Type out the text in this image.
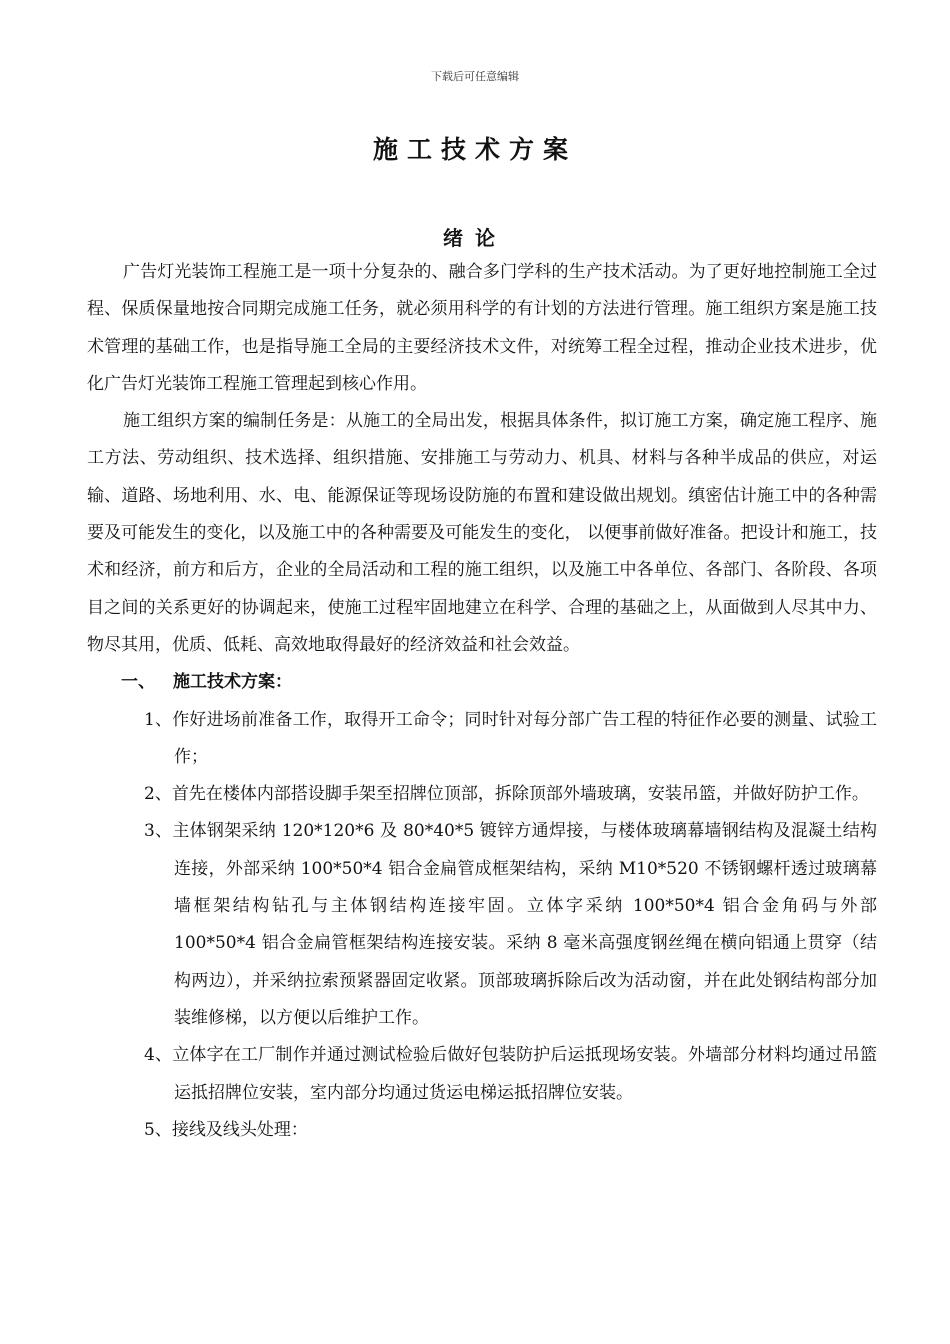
下载后可任意编辑
施工技术方案
绪论

广告灯光装饰工程施工是一项十分复杂的、融合多门学科的生产技术活动。为了更好地控制施工全过程、保质保量地按合同期完成施工任务，就必须用科学的有计划的方法进行管理。施工组织方案是施工技术管理的基础工作，也是指导施工全局的主要经济技术文件，对统筹工程全过程，推动企业技术进步，优化广告灯光装饰工程施工管理起到核心作用。

施工组织方案的编制任务是：从施工的全局出发，根据具体条件，拟订施工方案，确定施工程序、施工方法、劳动组织、技术选择、组织措施、安排施工与劳动力、机具、材料与各种半成品的供应，对运输、道路、场地利用、水、电、能源保证等现场设防施的布置和建设做出规划。缜密估计施工中的各种需要及可能发生的变化，以及施工中的各种需要及可能发生的变化， 以便事前做好准备。把设计和施工，技术和经济，前方和后方，企业的全局活动和工程的施工组织，以及施工中各单位、各部门、各阶段、各项目之间的关系更好的协调起来，使施工过程牢固地建立在科学、合理的基础之上，从面做到人尽其中力、物尽其用，优质、低耗、高效地取得最好的经济效益和社会效益。

一、 施工技术方案：
1、作好进场前准备工作，取得开工命令；同时针对每分部广告工程的特征作必要的测量、试验工作；
2、首先在楼体内部搭设脚手架至招牌位顶部，拆除顶部外墙玻璃，安装吊篮，并做好防护工作。
3、主体钢架采纳 120*120*6 及 80*40*5 镀锌方通焊接，与楼体玻璃幕墙钢结构及混凝土结构连接，外部采纳 100*50*4 铝合金扁管成框架结构，采纳 M10*520 不锈钢螺杆透过玻璃幕墙框架结构钻孔与主体钢结构连接牢固。立体字采纳 100*50*4 铝合金角码与外部 100*50*4 铝合金扁管框架结构连接安装。采纳 8 毫米高强度钢丝绳在横向铝通上贯穿（结构两边），并采纳拉索预紧器固定收紧。顶部玻璃拆除后改为活动窗，并在此处钢结构部分加装维修梯，以方便以后维护工作。
4、立体字在工厂制作并通过测试检验后做好包装防护后运抵现场安装。外墙部分材料均通过吊篮运抵招牌位安装，室内部分均通过货运电梯运抵招牌位安装。
5、接线及线头处理：
